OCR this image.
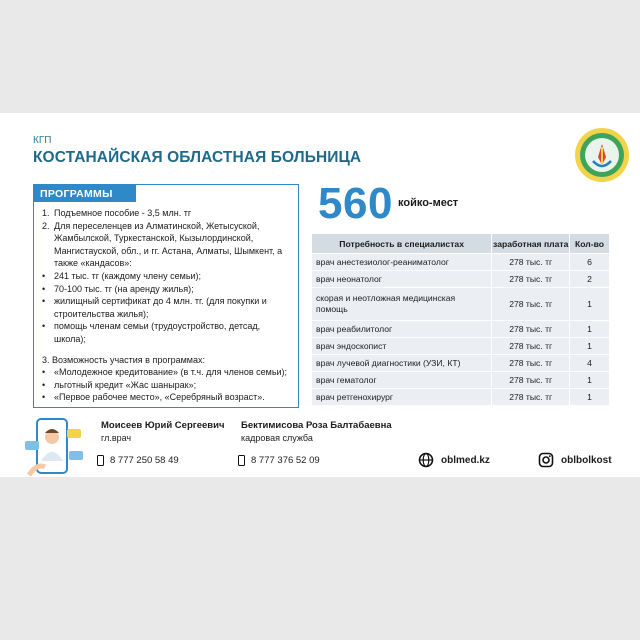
КГП
КОСТАНАЙСКАЯ ОБЛАСТНАЯ БОЛЬНИЦА
ПРОГРАММЫ
1. Подъемное пособие - 3,5 млн. тг
2. Для переселенцев из Алматинской, Жетысуской, Жамбылской, Туркестанской, Кызылординской, Мангистауской, обл., и гг. Астана, Алматы, Шымкент, а также «кандасов»:
• 241 тыс. тг (каждому члену семьи);
• 70-100 тыс. тг (на аренду жилья);
• жилищный сертификат до 4 млн. тг. (для покупки и строительства жилья);
• помощь членам семьи (трудоустройство, детсад, школа);
3. Возможность участия в программах:
• «Молодежное кредитование» (в т.ч. для членов семьи);
• льготный кредит «Жас шанырак»;
• «Первое рабочее место», «Серебряный возраст».
560 койко-мест
Потребность в специалистах	заработная плата	Кол-во
врач анестезиолог-реаниматолог	278 тыс. тг	6
врач неонатолог	278 тыс. тг	2
скорая и неотложная медицинская помощь	278 тыс. тг	1
врач реабилитолог	278 тыс. тг	1
врач эндоскопист	278 тыс. тг	1
врач лучевой диагностики (УЗИ, КТ)	278 тыс. тг	4
врач гематолог	278 тыс. тг	1
врач ретгенохирург	278 тыс. тг	1
Моисеев Юрий Сергеевич
гл.врач
8 777 250 58 49
Бектимисова Роза Балтабаевна
кадровая служба
8 777 376 52 09	oblmed.kz	oblbolkost
